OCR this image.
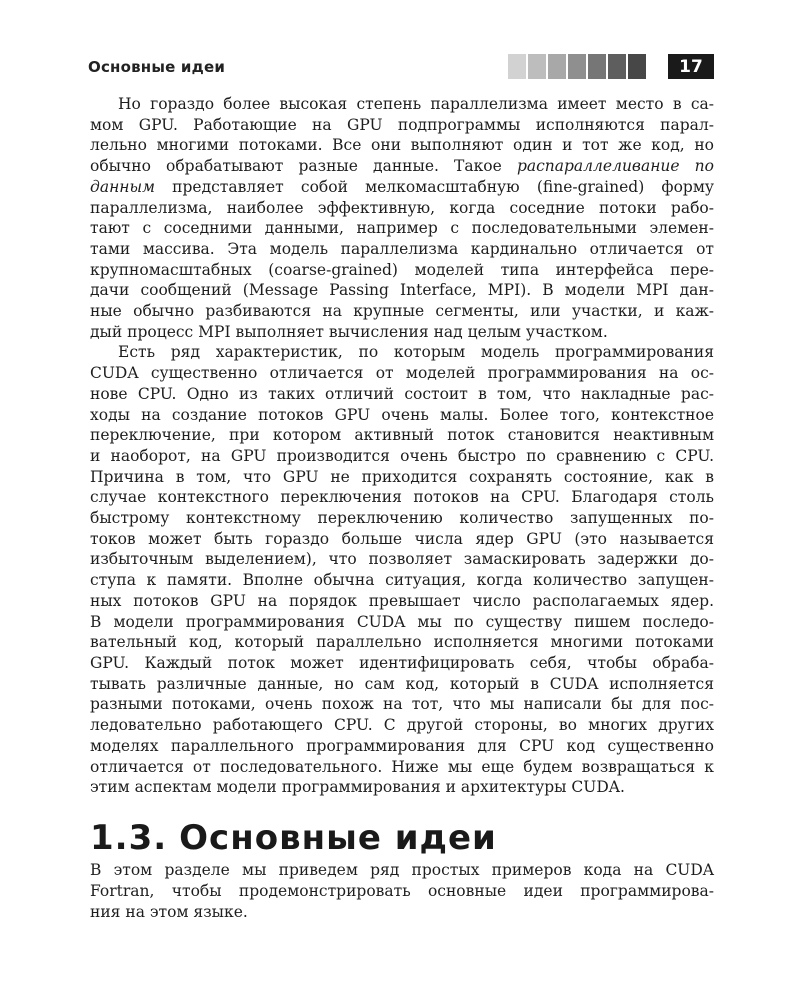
Основные идеи	17
Но гораздо более высокая степень параллелизма имеет место в са-
мом GPU. Работающие на GPU подпрограммы исполняются парал-
лельно многими потоками. Все они выполняют один и тот же код, но
обычно обрабатывают разные данные. Такое распараллеливание по
данным представляет собой мелкомасштабную (fine-grained) форму
параллелизма, наиболее эффективную, когда соседние потоки рабо-
тают с соседними данными, например с последовательными элемен-
тами массива. Эта модель параллелизма кардинально отличается от
крупномасштабных (coarse-grained) моделей типа интерфейса пере-
дачи сообщений (Message Passing Interface, MPI). В модели MPI дан-
ные обычно разбиваются на крупные сегменты, или участки, и каж-
дый процесс MPI выполняет вычисления над целым участком.
Есть ряд характеристик, по которым модель программирования
CUDA существенно отличается от моделей программирования на ос-
нове CPU. Одно из таких отличий состоит в том, что накладные рас-
ходы на создание потоков GPU очень малы. Более того, контекстное
переключение, при котором активный поток становится неактивным
и наоборот, на GPU производится очень быстро по сравнению с CPU.
Причина в том, что GPU не приходится сохранять состояние, как в
случае контекстного переключения потоков на CPU. Благодаря столь
быстрому контекстному переключению количество запущенных по-
токов может быть гораздо больше числа ядер GPU (это называется
избыточным выделением), что позволяет замаскировать задержки до-
ступа к памяти. Вполне обычна ситуация, когда количество запущен-
ных потоков GPU на порядок превышает число располагаемых ядер.
В модели программирования CUDA мы по существу пишем последо-
вательный код, который параллельно исполняется многими потоками
GPU. Каждый поток может идентифицировать себя, чтобы обраба-
тывать различные данные, но сам код, который в CUDA исполняется
разными потоками, очень похож на тот, что мы написали бы для пос-
ледовательно работающего CPU. С другой стороны, во многих других
моделях параллельного программирования для CPU код существенно
отличается от последовательного. Ниже мы еще будем возвращаться к
этим аспектам модели программирования и архитектуры CUDA.
1.3. Основные идеи
В этом разделе мы приведем ряд простых примеров кода на CUDA
Fortran, чтобы продемонстрировать основные идеи программирова-
ния на этом языке.
